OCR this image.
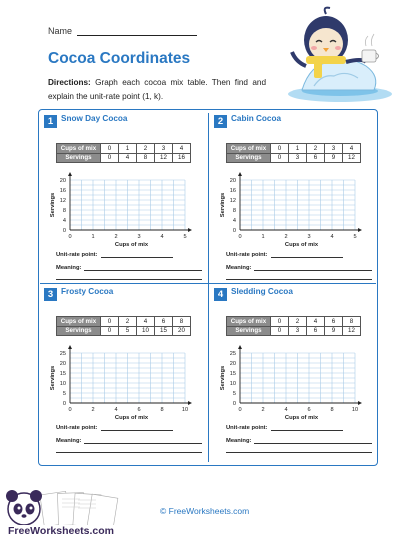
Name
Cocoa Coordinates
Directions: Graph each cocoa mix table. Then find and explain the unit-rate point (1, k).
1 Snow Day Cocoa
Cups of mix	0	1	2	3	4
Servings	0	4	8	12	16
0	1	2	3	4	5
0
4
8
12
16
20
Cups of mix
Servings
Unit-rate point:
Meaning:
2 Cabin Cocoa
Cups of mix	0	1	2	3	4
Servings	0	3	6	9	12
0	1	2	3	4	5
0
4
8
12
16
20
Cups of mix
Servings
Unit-rate point:
Meaning:
3 Frosty Cocoa
Cups of mix	0	2	4	6	8
Servings	0	5	10	15	20
0	2	4	6	8	10
0
5
10
15
20
25
Cups of mix
Servings
Unit-rate point:
Meaning:
4 Sledding Cocoa
Cups of mix	0	2	4	6	8
Servings	0	3	6	9	12
0	2	4	6	8	10
0
5
10
15
20
25
Cups of mix
Servings
Unit-rate point:
Meaning:
FreeWorksheets.com
© FreeWorksheets.com
